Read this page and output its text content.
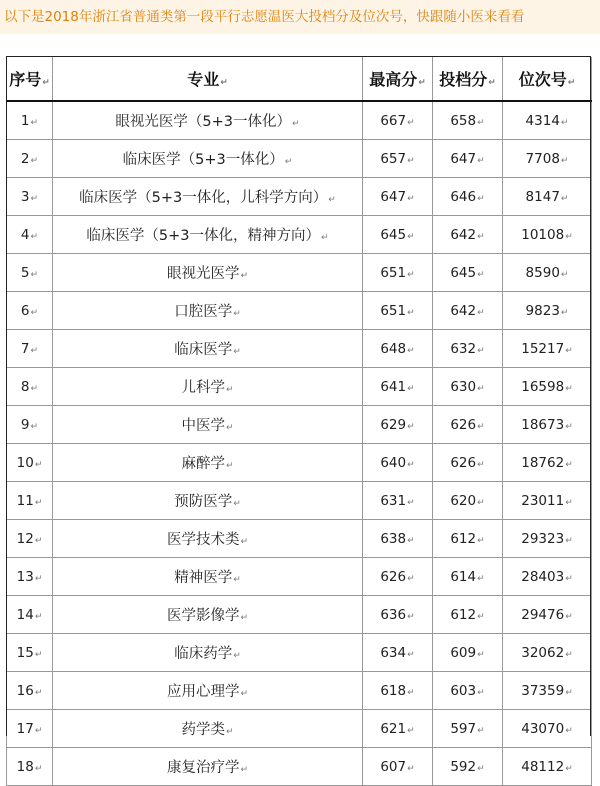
以下是2018年浙江省普通类第一段平行志愿温医大投档分及位次号，快跟随小医来看看
序号↵	专业↵	最高分↵	投档分↵	位次号↵
1↵	眼视光医学（5+3一体化）↵	667↵	658↵	4314↵
2↵	临床医学（5+3一体化）↵	657↵	647↵	7708↵
3↵	临床医学（5+3一体化，儿科学方向）↵	647↵	646↵	8147↵
4↵	临床医学（5+3一体化，精神方向）↵	645↵	642↵	10108↵
5↵	眼视光医学↵	651↵	645↵	8590↵
6↵	口腔医学↵	651↵	642↵	9823↵
7↵	临床医学↵	648↵	632↵	15217↵
8↵	儿科学↵	641↵	630↵	16598↵
9↵	中医学↵	629↵	626↵	18673↵
10↵	麻醉学↵	640↵	626↵	18762↵
11↵	预防医学↵	631↵	620↵	23011↵
12↵	医学技术类↵	638↵	612↵	29323↵
13↵	精神医学↵	626↵	614↵	28403↵
14↵	医学影像学↵	636↵	612↵	29476↵
15↵	临床药学↵	634↵	609↵	32062↵
16↵	应用心理学↵	618↵	603↵	37359↵
17↵	药学类↵	621↵	597↵	43070↵
18↵	康复治疗学↵	607↵	592↵	48112↵
